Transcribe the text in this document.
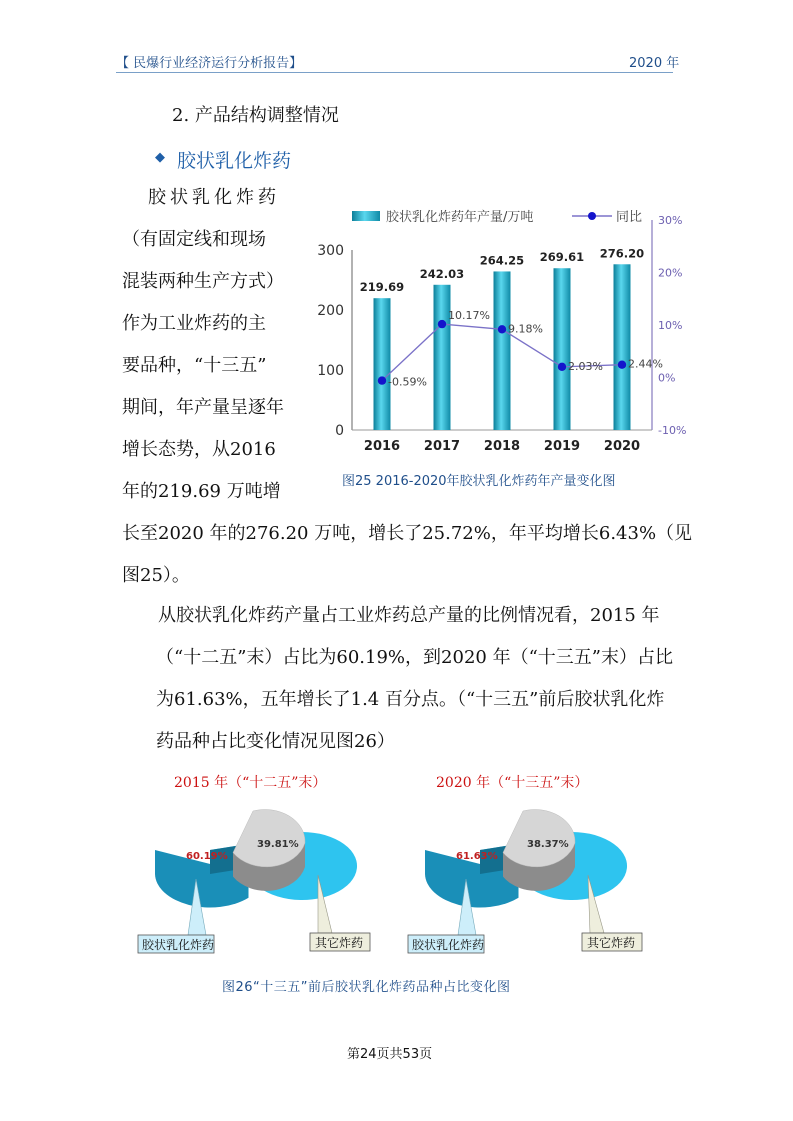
【 民爆行业经济运行分析报告】	2020 年
2. 产品结构调整情况
◆ 胶状乳化炸药
胶状乳化炸药
（有固定线和现场
混装两种生产方式）
作为工业炸药的主
要品种，“十三五”
期间，年产量呈逐年
增长态势，从2016
年的219.69 万吨增
长至2020 年的276.20 万吨，增长了25.72%，年平均增长6.43%（见
图25）。
从胶状乳化炸药产量占工业炸药总产量的比例情况看，2015 年
（“十二五”末）占比为60.19%，到2020 年（“十三五”末）占比
为61.63%，五年增长了1.4 百分点。（“十三五”前后胶状乳化炸
药品种占比变化情况见图26）
胶状乳化炸药年产量/万吨	同比
0
100
200
300
-10%
0%
10%
20%
30%
219.69
2016
242.03
2017
264.25
2018
269.61
2019
276.20
2020
-0.59%
10.17%
9.18%
2.03% 2.44%
图25 2016-2020年胶状乳化炸药年产量变化图
2015 年（“十二五”末）	2020 年（“十三五”末）
60.19%
39.81%
胶状乳化炸药	其它炸药
61.63%
38.37%
胶状乳化炸药	其它炸药
图26“十三五”前后胶状乳化炸药品种占比变化图
第24页共53页
